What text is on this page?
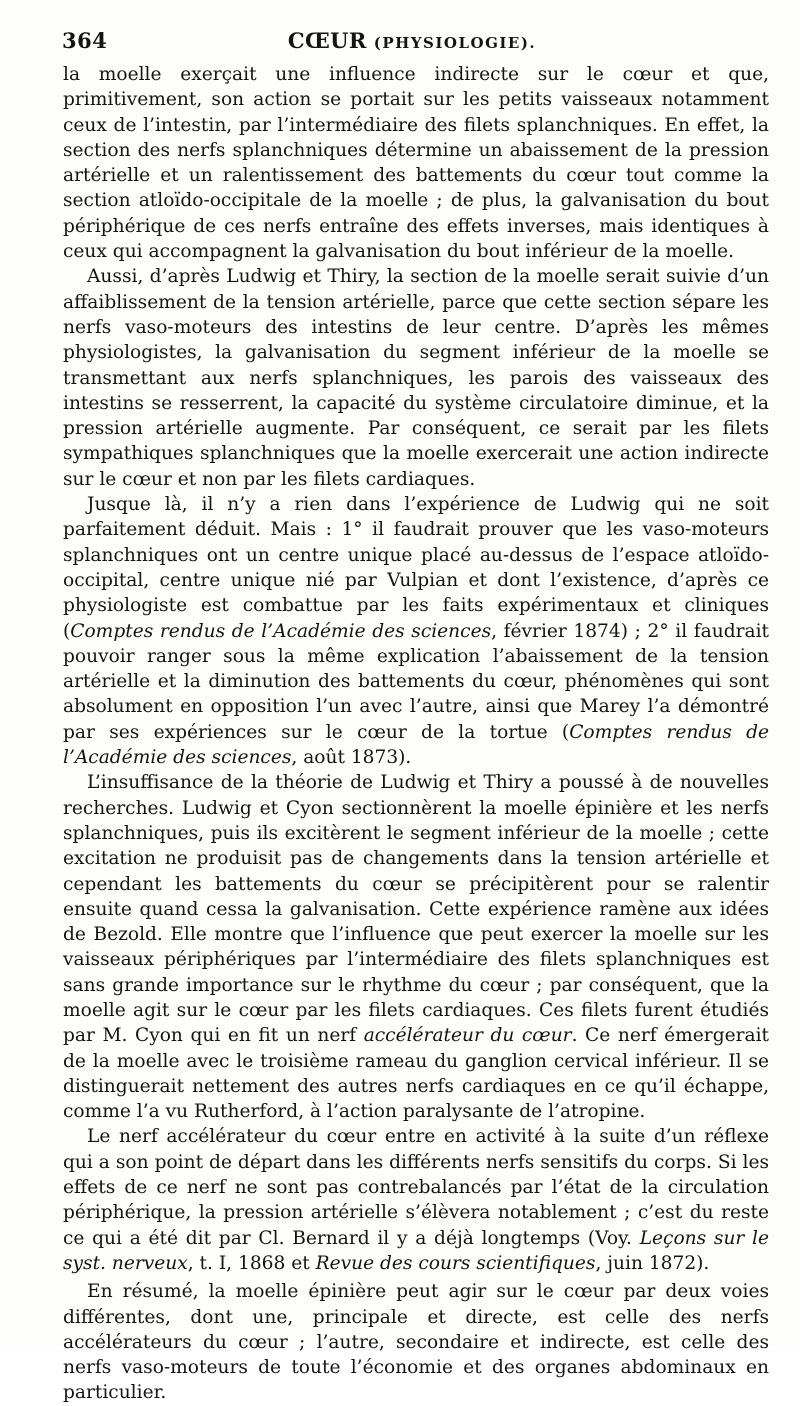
364	CŒUR (PHYSIOLOGIE).

la moelle exerçait une influence indirecte sur le cœur et que, primitivement, son action se portait sur les petits vaisseaux notamment ceux de l’intestin, par l’intermédiaire des filets splanchniques. En effet, la section des nerfs splanchniques détermine un abaissement de la pression artérielle et un ralentissement des battements du cœur tout comme la section atloïdo-occipitale de la moelle ; de plus, la galvanisation du bout périphérique de ces nerfs entraîne des effets inverses, mais identiques à ceux qui accompagnent la galvanisation du bout inférieur de la moelle.

Aussi, d’après Ludwig et Thiry, la section de la moelle serait suivie d’un affaiblissement de la tension artérielle, parce que cette section sépare les nerfs vaso-moteurs des intestins de leur centre. D’après les mêmes physiologistes, la galvanisation du segment inférieur de la moelle se transmettant aux nerfs splanchniques, les parois des vaisseaux des intestins se resserrent, la capacité du système circulatoire diminue, et la pression artérielle augmente. Par conséquent, ce serait par les filets sympathiques splanchniques que la moelle exercerait une action indirecte sur le cœur et non par les filets cardiaques.

Jusque là, il n’y a rien dans l’expérience de Ludwig qui ne soit parfaitement déduit. Mais : 1° il faudrait prouver que les vaso-moteurs splanchniques ont un centre unique placé au-dessus de l’espace atloïdo-occipital, centre unique nié par Vulpian et dont l’existence, d’après ce physiologiste est combattue par les faits expérimentaux et cliniques (Comptes rendus de l’Académie des sciences, février 1874) ; 2° il faudrait pouvoir ranger sous la même explication l’abaissement de la tension artérielle et la diminution des battements du cœur, phénomènes qui sont absolument en opposition l’un avec l’autre, ainsi que Marey l’a démontré par ses expériences sur le cœur de la tortue (Comptes rendus de l’Académie des sciences, août 1873).

L’insuffisance de la théorie de Ludwig et Thiry a poussé à de nouvelles recherches. Ludwig et Cyon sectionnèrent la moelle épinière et les nerfs splanchniques, puis ils excitèrent le segment inférieur de la moelle ; cette excitation ne produisit pas de changements dans la tension artérielle et cependant les battements du cœur se précipitèrent pour se ralentir ensuite quand cessa la galvanisation. Cette expérience ramène aux idées de Bezold. Elle montre que l’influence que peut exercer la moelle sur les vaisseaux périphériques par l’intermédiaire des filets splanchniques est sans grande importance sur le rhythme du cœur ; par conséquent, que la moelle agit sur le cœur par les filets cardiaques. Ces filets furent étudiés par M. Cyon qui en fit un nerf accélérateur du cœur. Ce nerf émergerait de la moelle avec le troisième rameau du ganglion cervical inférieur. Il se distinguerait nettement des autres nerfs cardiaques en ce qu’il échappe, comme l’a vu Rutherford, à l’action paralysante de l’atropine.

Le nerf accélérateur du cœur entre en activité à la suite d’un réflexe qui a son point de départ dans les différents nerfs sensitifs du corps. Si les effets de ce nerf ne sont pas contrebalancés par l’état de la circulation périphérique, la pression artérielle s’élèvera notablement ; c’est du reste ce qui a été dit par Cl. Bernard il y a déjà longtemps (Voy. Leçons sur le syst. nerveux, t. I, 1868 et Revue des cours scientifiques, juin 1872).

En résumé, la moelle épinière peut agir sur le cœur par deux voies différentes, dont une, principale et directe, est celle des nerfs accélérateurs du cœur ; l’autre, secondaire et indirecte, est celle des nerfs vaso-moteurs de toute l’économie et des organes abdominaux en particulier.
